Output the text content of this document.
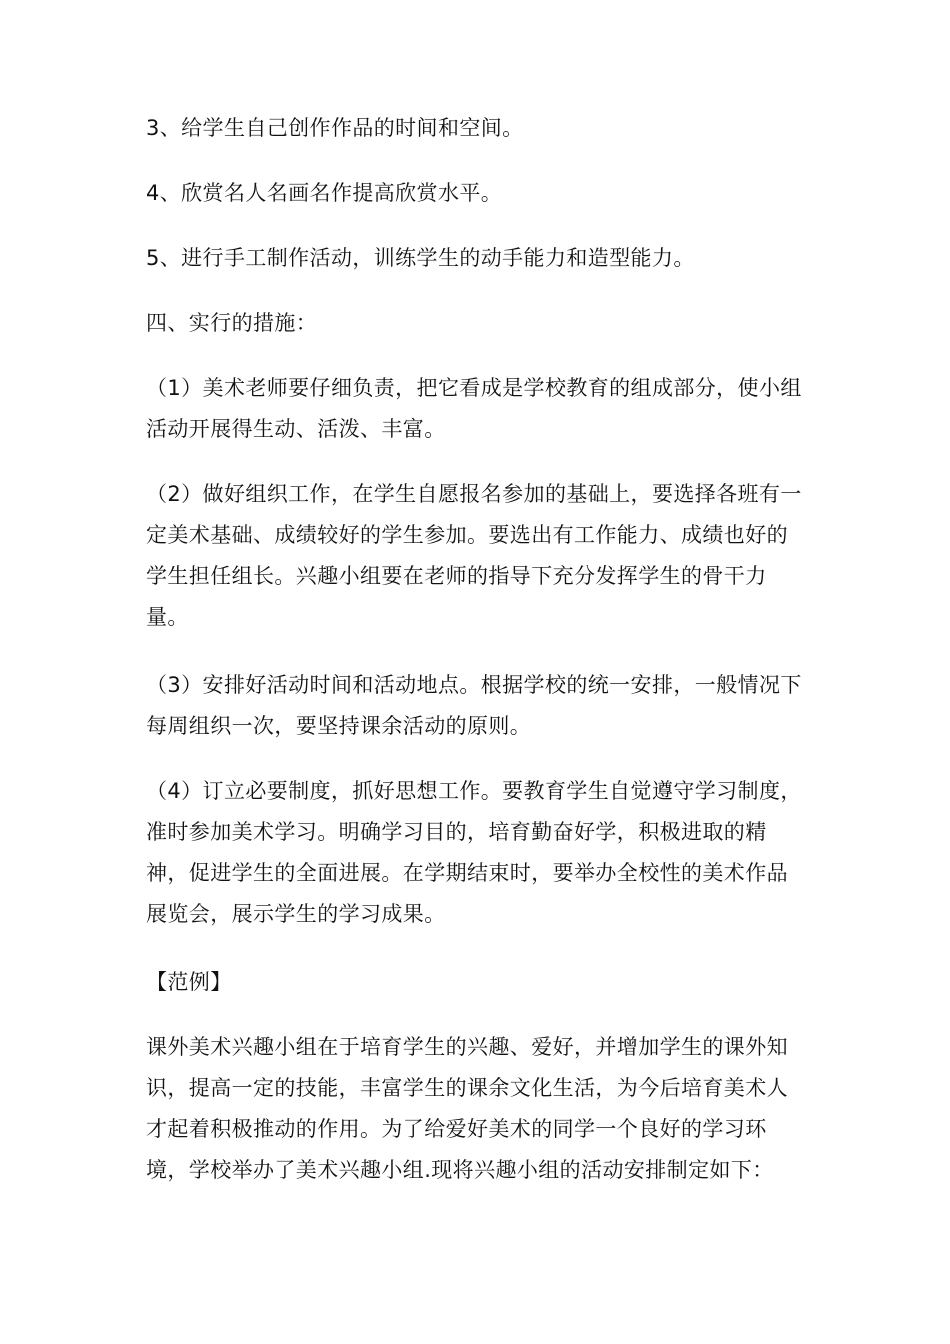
3、给学生自己创作作品的时间和空间。

4、欣赏名人名画名作提高欣赏水平。

5、进行手工制作活动，训练学生的动手能力和造型能力。

四、实行的措施：

（1）美术老师要仔细负责，把它看成是学校教育的组成部分，使小组活动开展得生动、活泼、丰富。

（2）做好组织工作，在学生自愿报名参加的基础上，要选择各班有一定美术基础、成绩较好的学生参加。要选出有工作能力、成绩也好的学生担任组长。兴趣小组要在老师的指导下充分发挥学生的骨干力量。

（3）安排好活动时间和活动地点。根据学校的统一安排，一般情况下每周组织一次，要坚持课余活动的原则。

（4）订立必要制度，抓好思想工作。要教育学生自觉遵守学习制度，准时参加美术学习。明确学习目的，培育勤奋好学，积极进取的精神，促进学生的全面进展。在学期结束时，要举办全校性的美术作品展览会，展示学生的学习成果。

【范例】

课外美术兴趣小组在于培育学生的兴趣、爱好，并增加学生的课外知识，提高一定的技能，丰富学生的课余文化生活，为今后培育美术人才起着积极推动的作用。为了给爱好美术的同学一个良好的学习环境，学校举办了美术兴趣小组.现将兴趣小组的活动安排制定如下：
